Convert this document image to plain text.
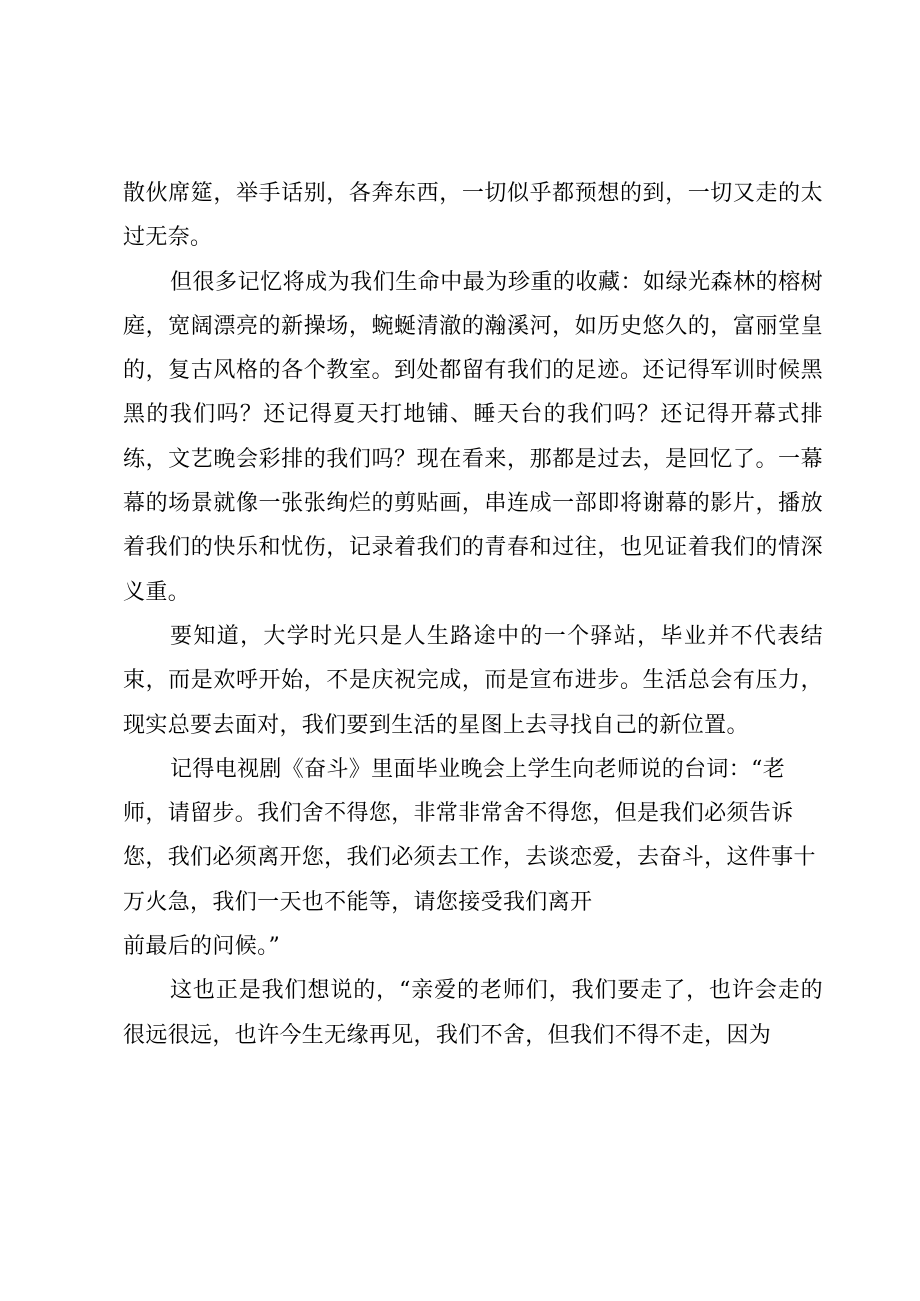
散伙席筵，举手话别，各奔东西，一切似乎都预想的到，一切又走的太过无奈。

但很多记忆将成为我们生命中最为珍重的收藏：如绿光森林的榕树庭，宽阔漂亮的新操场，蜿蜒清澈的瀚溪河，如历史悠久的，富丽堂皇的，复古风格的各个教室。到处都留有我们的足迹。还记得军训时候黑黑的我们吗？还记得夏天打地铺、睡天台的我们吗？还记得开幕式排练，文艺晚会彩排的我们吗？现在看来，那都是过去，是回忆了。一幕幕的场景就像一张张绚烂的剪贴画，串连成一部即将谢幕的影片，播放着我们的快乐和忧伤，记录着我们的青春和过往，也见证着我们的情深义重。

要知道，大学时光只是人生路途中的一个驿站，毕业并不代表结束，而是欢呼开始，不是庆祝完成，而是宣布进步。生活总会有压力，现实总要去面对，我们要到生活的星图上去寻找自己的新位置。

记得电视剧《奋斗》里面毕业晚会上学生向老师说的台词：“老师，请留步。我们舍不得您，非常非常舍不得您，但是我们必须告诉您，我们必须离开您，我们必须去工作，去谈恋爱，去奋斗，这件事十万火急，我们一天也不能等，请您接受我们离开

前最后的问候。”

这也正是我们想说的，“亲爱的老师们，我们要走了，也许会走的很远很远，也许今生无缘再见，我们不舍，但我们不得不走，因为
